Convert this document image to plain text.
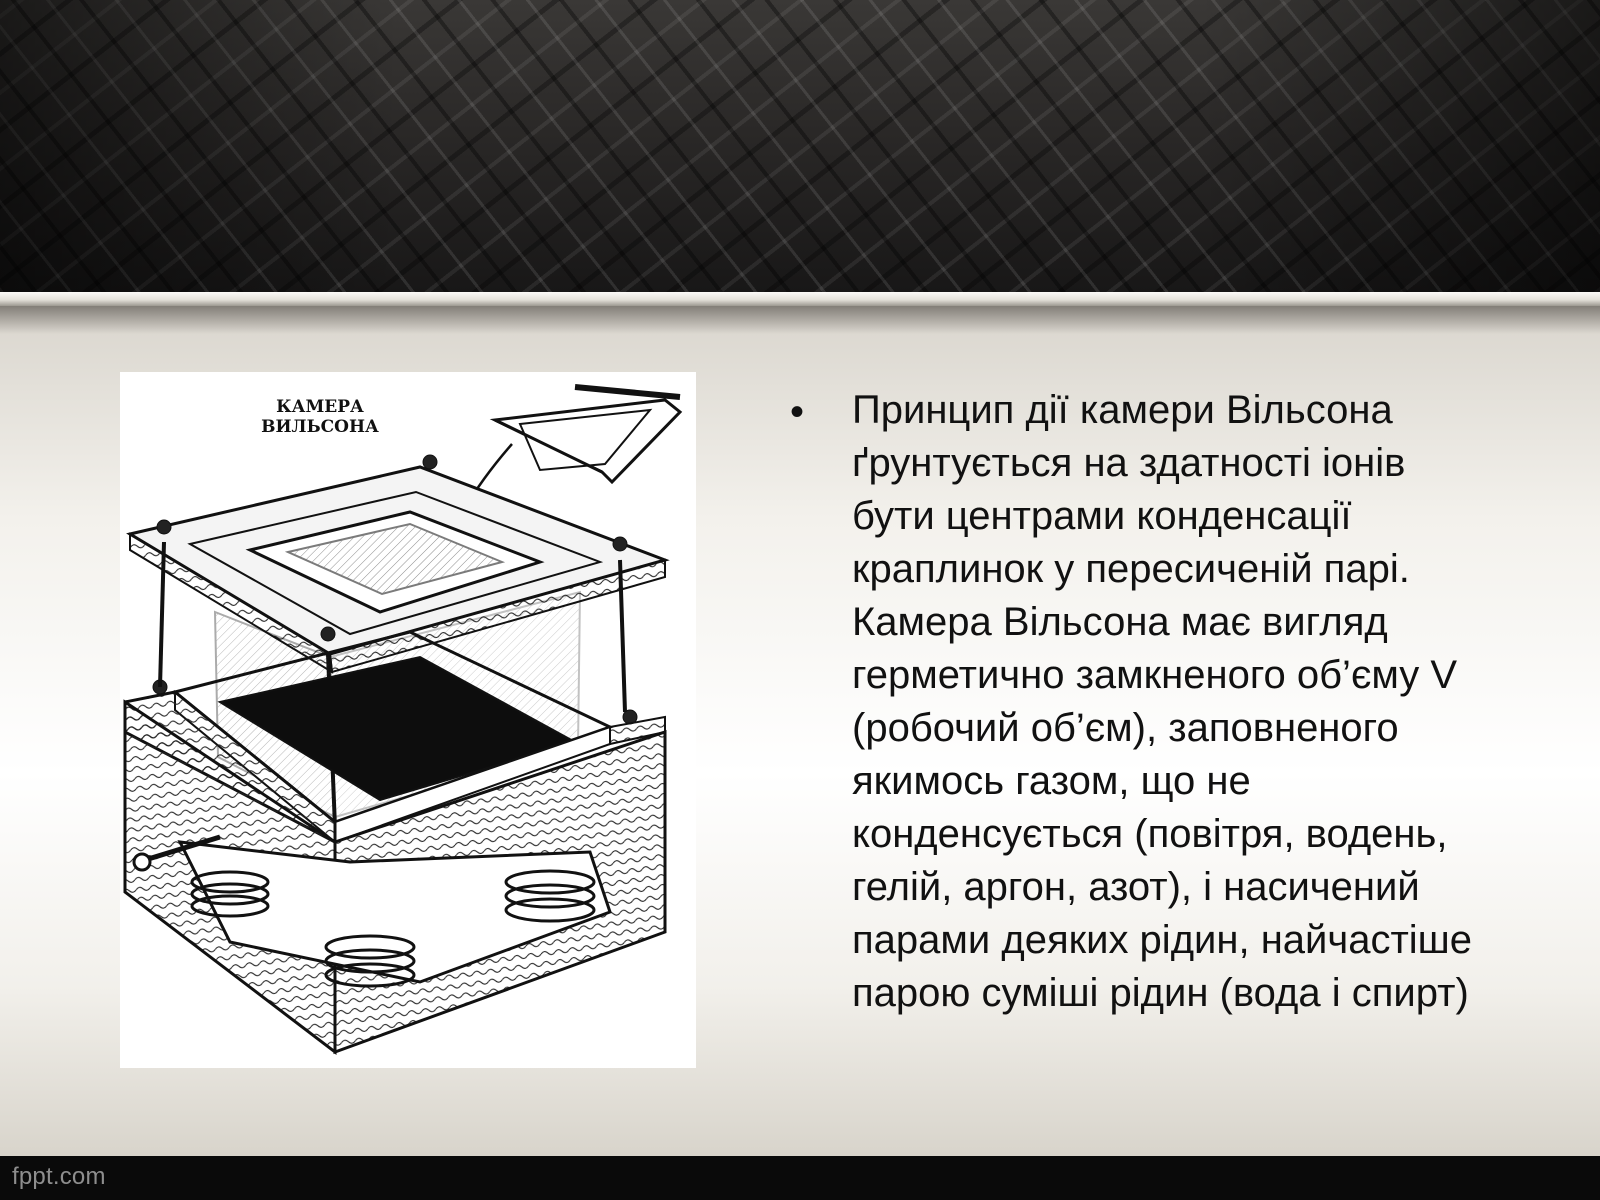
КАМЕРА
ВИЛЬСОНА	• Принцип дії камери Вільсона
ґрунтується на здатності іонів
бути центрами конденсації
краплинок у пересиченій парі.
Камера Вільсона має вигляд
герметично замкненого об’єму V
(робочий об’єм), заповненого
якимось газом, що не
конденсується (повітря, водень,
гелій, аргон, азот), і насичений
парами деяких рідин, найчастіше
парою суміші рідин (вода і спирт)

fppt.com
